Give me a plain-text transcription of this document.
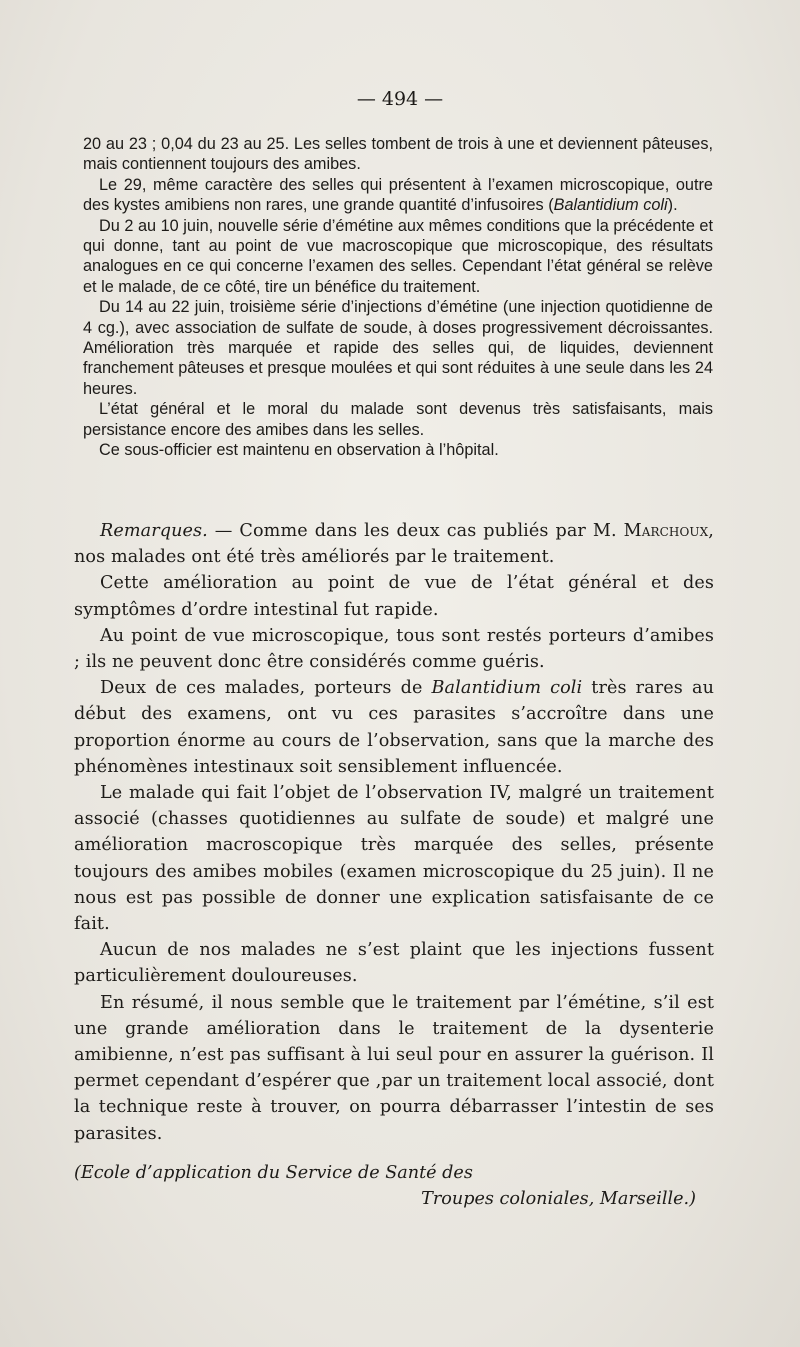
— 494 —

20 au 23 ; 0,04 du 23 au 25. Les selles tombent de trois à une et deviennent pâteuses, mais contiennent toujours des amibes.

Le 29, même caractère des selles qui présentent à l’examen microscopique, outre des kystes amibiens non rares, une grande quantité d’infusoires (Balantidium coli).

Du 2 au 10 juin, nouvelle série d’émétine aux mêmes conditions que la précédente et qui donne, tant au point de vue macroscopique que microscopique, des résultats analogues en ce qui concerne l’examen des selles. Cependant l’état général se relève et le malade, de ce côté, tire un bénéfice du traitement.

Du 14 au 22 juin, troisième série d’injections d’émétine (une injection quotidienne de 4 cg.), avec association de sulfate de soude, à doses progressivement décroissantes. Amélioration très marquée et rapide des selles qui, de liquides, deviennent franchement pâteuses et presque moulées et qui sont réduites à une seule dans les 24 heures.

L’état général et le moral du malade sont devenus très satisfaisants, mais persistance encore des amibes dans les selles.

Ce sous-officier est maintenu en observation à l’hôpital.

Remarques. — Comme dans les deux cas publiés par M. Marchoux, nos malades ont été très améliorés par le traitement.

Cette amélioration au point de vue de l’état général et des symptômes d’ordre intestinal fut rapide.

Au point de vue microscopique, tous sont restés porteurs d’amibes ; ils ne peuvent donc être considérés comme guéris.

Deux de ces malades, porteurs de Balantidium coli très rares au début des examens, ont vu ces parasites s’accroître dans une proportion énorme au cours de l’observation, sans que la marche des phénomènes intestinaux soit sensiblement influencée.

Le malade qui fait l’objet de l’observation IV, malgré un traitement associé (chasses quotidiennes au sulfate de soude) et malgré une amélioration macroscopique très marquée des selles, présente toujours des amibes mobiles (examen microscopique du 25 juin). Il ne nous est pas possible de donner une explication satisfaisante de ce fait.

Aucun de nos malades ne s’est plaint que les injections fussent particulièrement douloureuses.

En résumé, il nous semble que le traitement par l’émétine, s’il est une grande amélioration dans le traitement de la dysenterie amibienne, n’est pas suffisant à lui seul pour en assurer la guérison. Il permet cependant d’espérer que ,par un traitement local associé, dont la technique reste à trouver, on pourra débarrasser l’intestin de ses parasites.

(Ecole d’application du Service de Santé des
Troupes coloniales, Marseille.)
